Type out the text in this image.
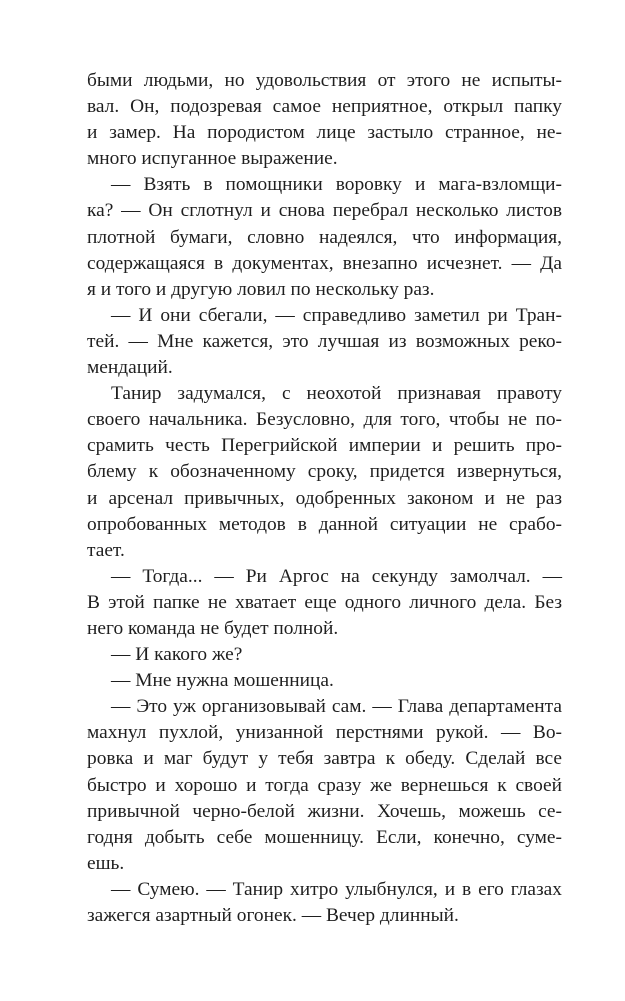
быми людьми, но удовольствия от этого не испыты-
вал. Он, подозревая самое неприятное, открыл папку
и замер. На породистом лице застыло странное, не-
много испуганное выражение.
— Взять в помощники воровку и мага-взломщи-
ка? — Он сглотнул и снова перебрал несколько листов
плотной бумаги, словно надеялся, что информация,
содержащаяся в документах, внезапно исчезнет. — Да
я и того и другую ловил по нескольку раз.
— И они сбегали, — справедливо заметил ри Тран-
тей. — Мне кажется, это лучшая из возможных реко-
мендаций.
Танир задумался, с неохотой признавая правоту
своего начальника. Безусловно, для того, чтобы не по-
срамить честь Перегрийской империи и решить про-
блему к обозначенному сроку, придется извернуться,
и арсенал привычных, одобренных законом и не раз
опробованных методов в данной ситуации не срабо-
тает.
— Тогда... — Ри Аргос на секунду замолчал. —
В этой папке не хватает еще одного личного дела. Без
него команда не будет полной.
— И какого же?
— Мне нужна мошенница.
— Это уж организовывай сам. — Глава департамента
махнул пухлой, унизанной перстнями рукой. — Во-
ровка и маг будут у тебя завтра к обеду. Сделай все
быстро и хорошо и тогда сразу же вернешься к своей
привычной черно-белой жизни. Хочешь, можешь се-
годня добыть себе мошенницу. Если, конечно, суме-
ешь.
— Сумею. — Танир хитро улыбнулся, и в его глазах
зажегся азартный огонек. — Вечер длинный.
